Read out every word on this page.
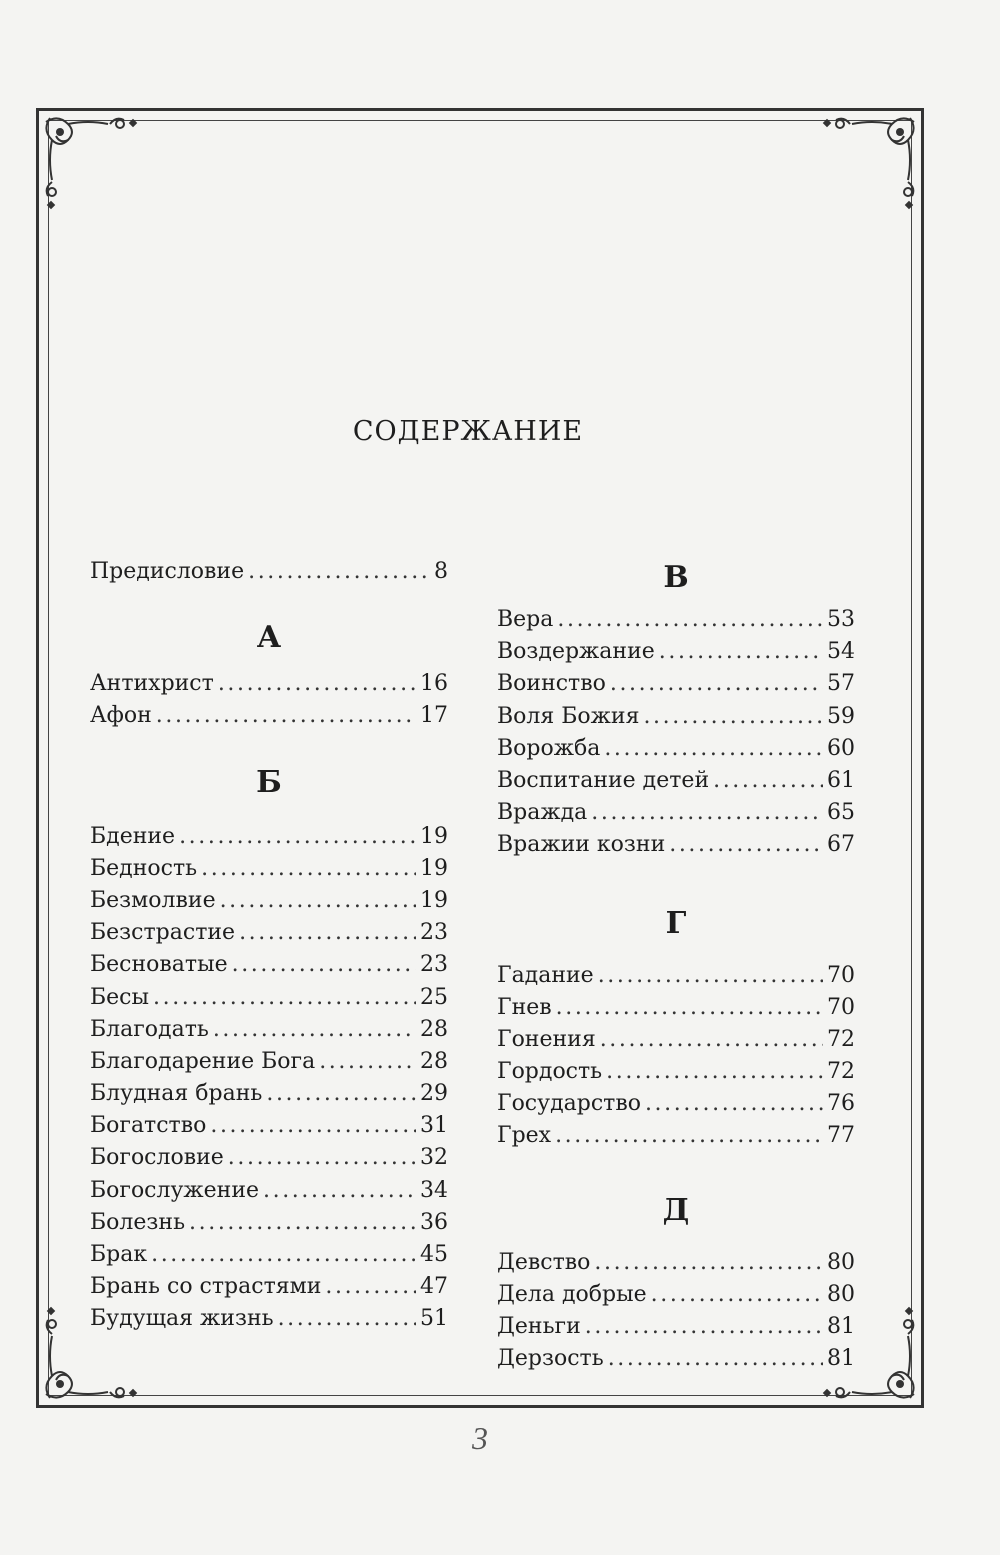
СОДЕРЖАНИЕ
Предисловие .....	8
А
Антихрист .....	16
Афон .....	17
Б
Бдение .....	19
Бедность .....	19
Безмолвие .....	19
Безстрастие .....	23
Бесноватые .....	23
Бесы .....	25
Благодать .....	28
Благодарение Бога .....	28
Блудная брань .....	29
Богатство .....	31
Богословие .....	32
Богослужение .....	34
Болезнь .....	36
Брак .....	45
Брань со страстями .....	47
Будущая жизнь .....	51
В
Вера .....	53
Воздержание .....	54
Воинство .....	57
Воля Божия .....	59
Ворожба .....	60
Воспитание детей .....	61
Вражда .....	65
Вражии козни .....	67
Г
Гадание .....	70
Гнев .....	70
Гонения .....	72
Гордость .....	72
Государство .....	76
Грех .....	77
Д
Девство .....	80
Дела добрые .....	80
Деньги .....	81
Дерзость .....	81
3
